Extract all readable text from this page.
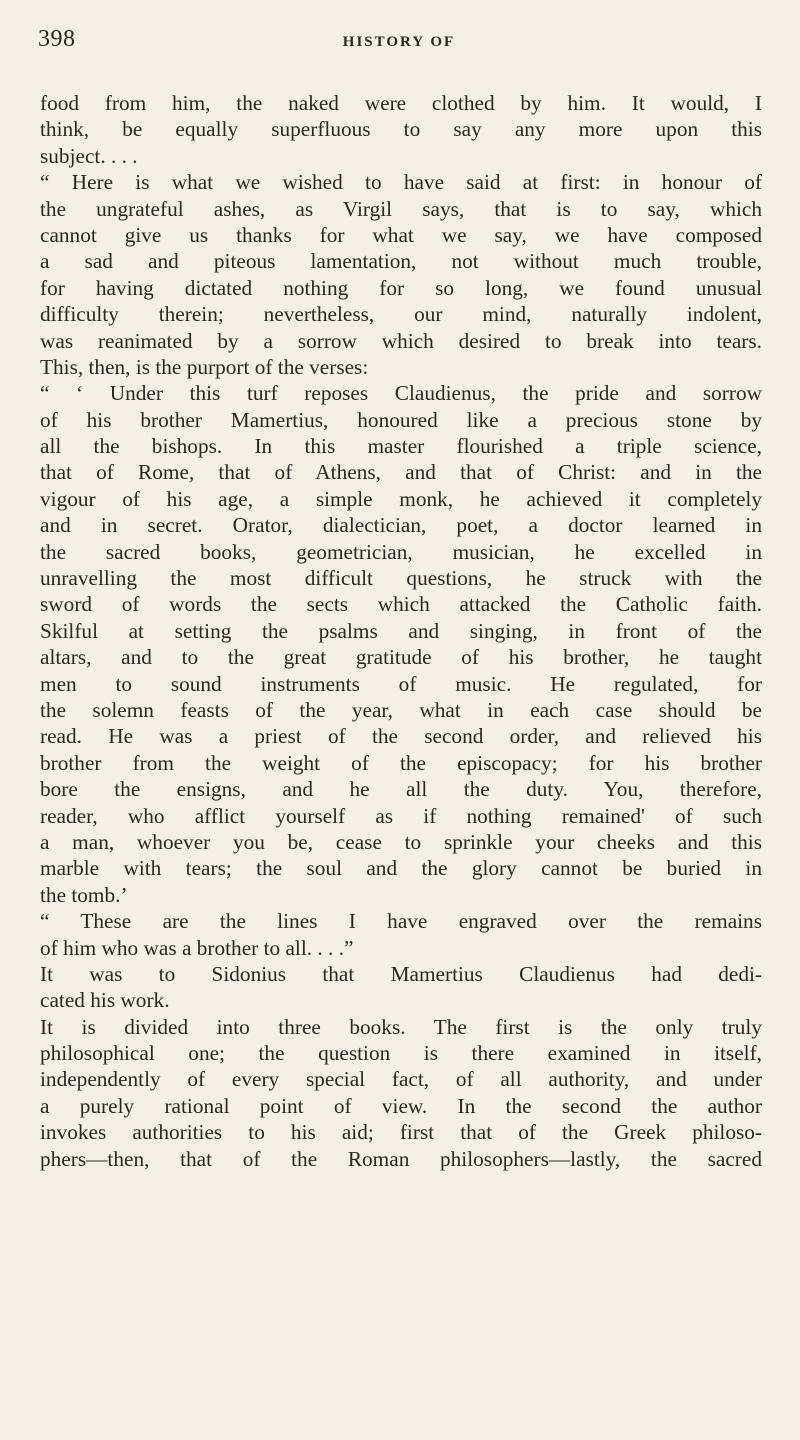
398	HISTORY OF
food from him, the naked were clothed by him. It would, I
think, be equally superfluous to say any more upon this
subject. . . .
“ Here is what we wished to have said at first: in honour of
the ungrateful ashes, as Virgil says, that is to say, which
cannot give us thanks for what we say, we have composed
a sad and piteous lamentation, not without much trouble,
for having dictated nothing for so long, we found unusual
difficulty therein; nevertheless, our mind, naturally indolent,
was reanimated by a sorrow which desired to break into tears.
This, then, is the purport of the verses:
“ ‘ Under this turf reposes Claudienus, the pride and sorrow
of his brother Mamertius, honoured like a precious stone by
all the bishops. In this master flourished a triple science,
that of Rome, that of Athens, and that of Christ: and in the
vigour of his age, a simple monk, he achieved it completely
and in secret. Orator, dialectician, poet, a doctor learned in
the sacred books, geometrician, musician, he excelled in
unravelling the most difficult questions, he struck with the
sword of words the sects which attacked the Catholic faith.
Skilful at setting the psalms and singing, in front of the
altars, and to the great gratitude of his brother, he taught
men to sound instruments of music. He regulated, for
the solemn feasts of the year, what in each case should be
read. He was a priest of the second order, and relieved his
brother from the weight of the episcopacy; for his brother
bore the ensigns, and he all the duty. You, therefore,
reader, who afflict yourself as if nothing remained' of such
a man, whoever you be, cease to sprinkle your cheeks and this
marble with tears; the soul and the glory cannot be buried in
the tomb.’
“ These are the lines I have engraved over the remains
of him who was a brother to all. . . .”
It was to Sidonius that Mamertius Claudienus had dedi-
cated his work.
It is divided into three books. The first is the only truly
philosophical one; the question is there examined in itself,
independently of every special fact, of all authority, and under
a purely rational point of view. In the second the author
invokes authorities to his aid; first that of the Greek philoso-
phers—then, that of the Roman philosophers—lastly, the sacred
